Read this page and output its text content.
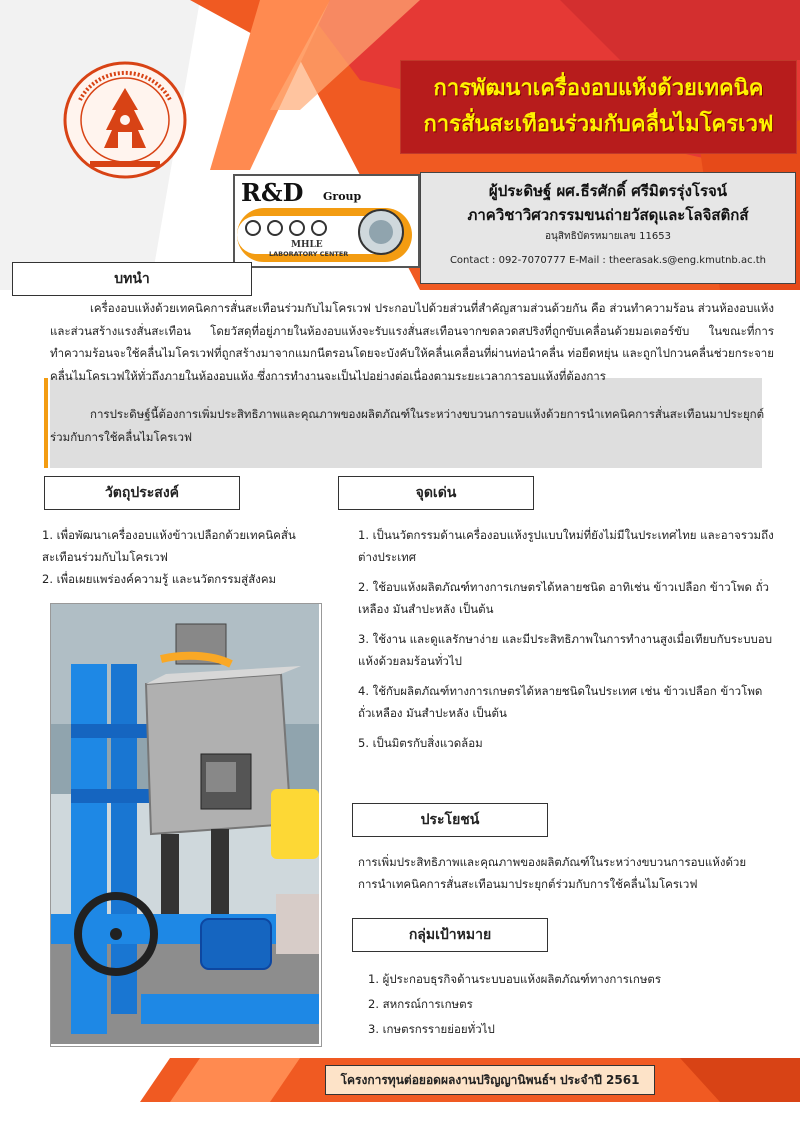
การพัฒนาเครื่องอบแห้งด้วยเทคนิค
การสั่นสะเทือนร่วมกับคลื่นไมโครเวฟ
R&D Group
MHLE
LABORATORY CENTER
ผู้ประดิษฐ์ ผศ.ธีรศักดิ์ ศรีมิตรรุ่งโรจน์
ภาควิชาวิศวกรรมขนถ่ายวัสดุและโลจิสติกส์
อนุสิทธิบัตรหมายเลข 11653
Contact : 092-7070777 E-Mail : theerasak.s@eng.kmutnb.ac.th
บทนำ
เครื่องอบแห้งด้วยเทคนิคการสั่นสะเทือนร่วมกับไมโครเวฟ ประกอบไปด้วยส่วนที่สำคัญสามส่วนด้วยกัน คือ ส่วนทำความร้อน ส่วนห้องอบแห้ง และส่วนสร้างแรงสั่นสะเทือน โดยวัสดุที่อยู่ภายในห้องอบแห้งจะรับแรงสั่นสะเทือนจากขดลวดสปริงที่ถูกขับเคลื่อนด้วยมอเตอร์ขับ ในขณะที่การทำความร้อนจะใช้คลื่นไมโครเวฟที่ถูกสร้างมาจากแมกนีตรอนโดยจะบังคับให้คลื่นเคลื่อนที่ผ่านท่อนำคลื่น ท่อยืดหยุ่น และถูกไปกวนคลื่นช่วยกระจายคลื่นไมโครเวฟให้ทั่วถึงภายในห้องอบแห้ง ซึ่งการทำงานจะเป็นไปอย่างต่อเนื่องตามระยะเวลาการอบแห้งที่ต้องการ
การประดิษฐ์นี้ต้องการเพิ่มประสิทธิภาพและคุณภาพของผลิตภัณฑ์ในระหว่างขบวนการอบแห้งด้วยการนำเทคนิคการสั่นสะเทือนมาประยุกต์ร่วมกับการใช้คลื่นไมโครเวฟ
วัตถุประสงค์

1. เพื่อพัฒนาเครื่องอบแห้งข้าวเปลือกด้วยเทคนิคสั่นสะเทือนร่วมกับไมโครเวฟ

2. เพื่อเผยแพร่องค์ความรู้ และนวัตกรรมสู่สังคม

จุดเด่น

1. เป็นนวัตกรรมด้านเครื่องอบแห้งรูปแบบใหม่ที่ยังไม่มีในประเทศไทย และอาจรวมถึงต่างประเทศ

2. ใช้อบแห้งผลิตภัณฑ์ทางการเกษตรได้หลายชนิด อาทิเช่น ข้าวเปลือก ข้าวโพด ถั่วเหลือง มันสำปะหลัง เป็นต้น

3. ใช้งาน และดูแลรักษาง่าย และมีประสิทธิภาพในการทำงานสูงเมื่อเทียบกับระบบอบแห้งด้วยลมร้อนทั่วไป

4. ใช้กับผลิตภัณฑ์ทางการเกษตรได้หลายชนิดในประเทศ เช่น ข้าวเปลือก ข้าวโพด ถั่วเหลือง มันสำปะหลัง เป็นต้น

5. เป็นมิตรกับสิ่งแวดล้อม

ประโยชน์
การเพิ่มประสิทธิภาพและคุณภาพของผลิตภัณฑ์ในระหว่างขบวนการอบแห้งด้วยการนำเทคนิคการสั่นสะเทือนมาประยุกต์ร่วมกับการใช้คลื่นไมโครเวฟ
กลุ่มเป้าหมาย

1. ผู้ประกอบธุรกิจด้านระบบอบแห้งผลิตภัณฑ์ทางการเกษตร

2. สหกรณ์การเกษตร

3. เกษตรกรรายย่อยทั่วไป

โครงการทุนต่อยอดผลงานปริญญานิพนธ์ฯ ประจำปี 2561
